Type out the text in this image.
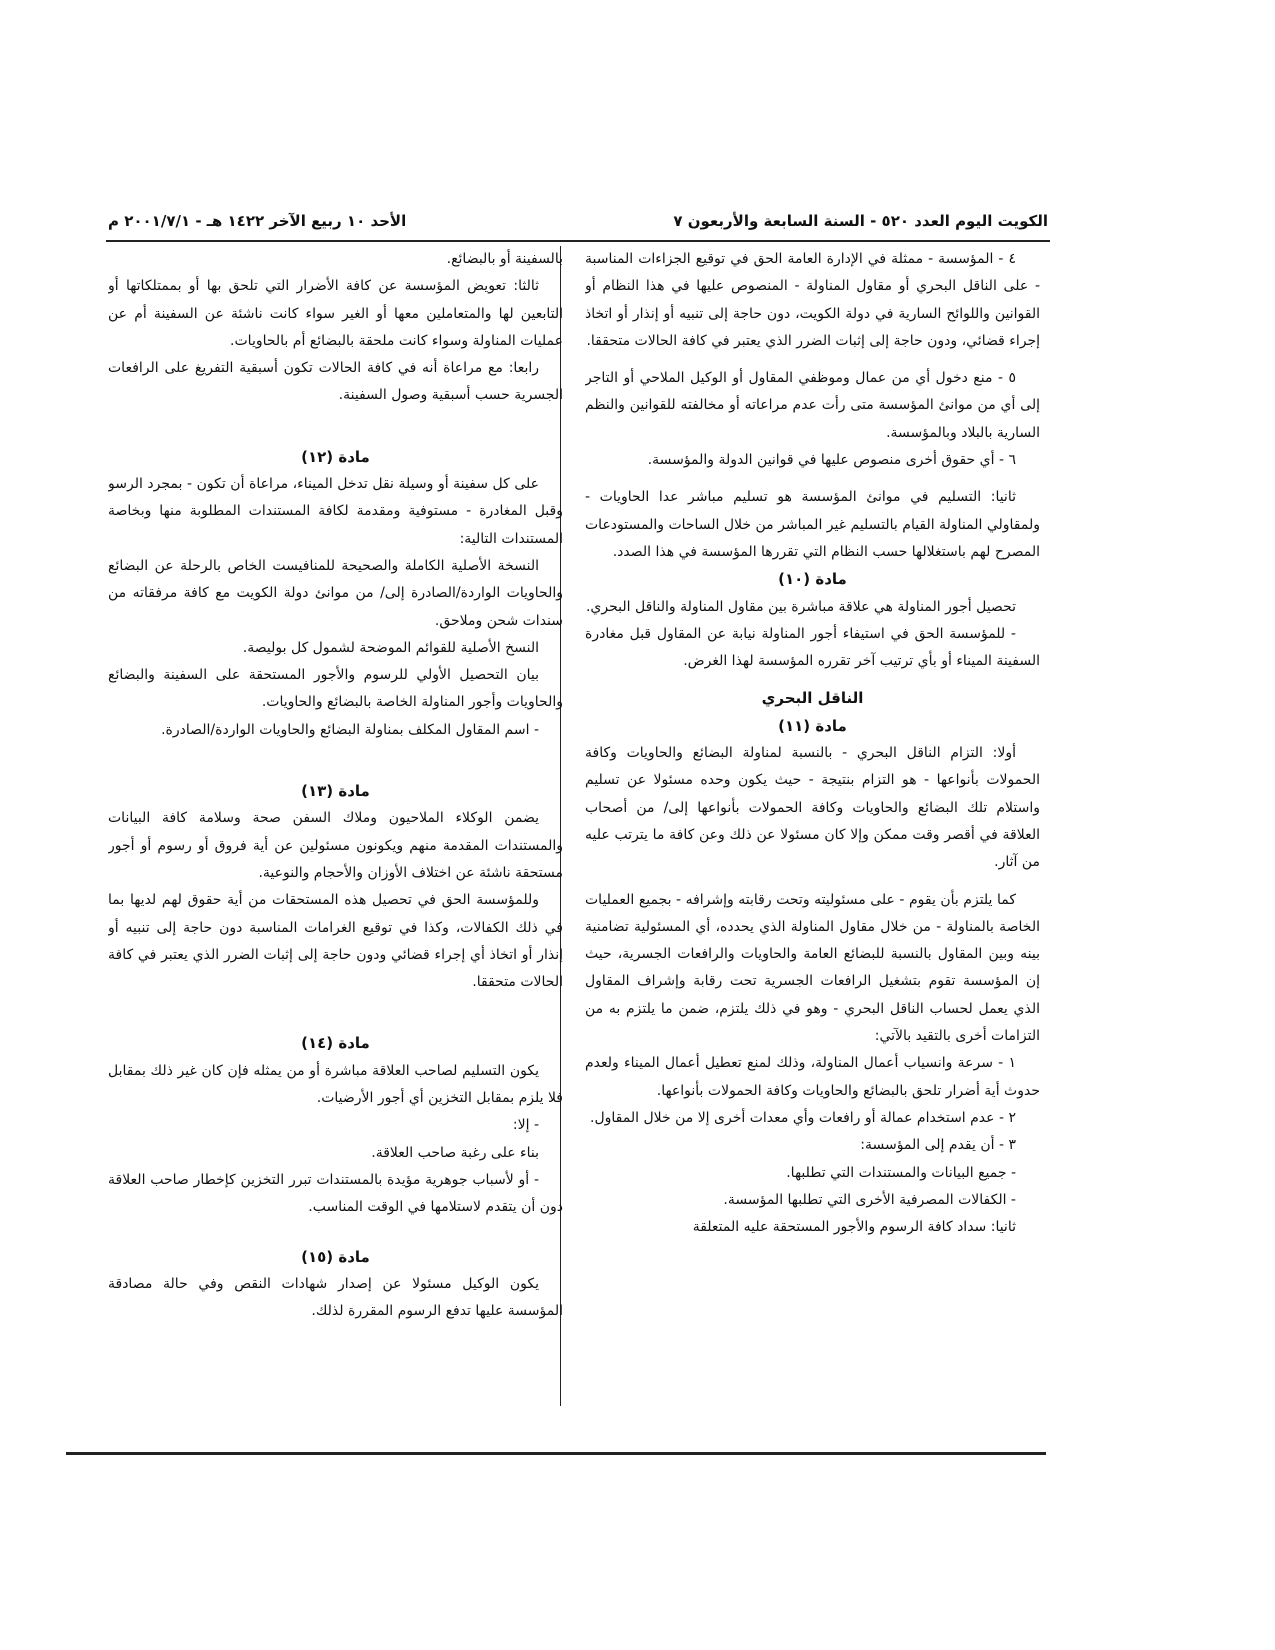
الكويت اليوم العدد ٥٢٠ - السنة السابعة والأربعون ٧
الأحد ١٠ ربيع الآخر ١٤٢٢ هـ - ٢٠٠١/٧/١ م

٤ - المؤسسة - ممثلة في الإدارة العامة الحق في توقيع الجزاءات المناسبة - على الناقل البحري أو مقاول المناولة - المنصوص عليها في هذا النظام أو القوانين واللوائح السارية في دولة الكويت، دون حاجة إلى تنبيه أو إنذار أو اتخاذ إجراء قضائي، ودون حاجة إلى إثبات الضرر الذي يعتبر في كافة الحالات متحققا.

٥ - منع دخول أي من عمال وموظفي المقاول أو الوكيل الملاحي أو التاجر إلى أي من موانئ المؤسسة متى رأت عدم مراعاته أو مخالفته للقوانين والنظم السارية بالبلاد وبالمؤسسة.

٦ - أي حقوق أخرى منصوص عليها في قوانين الدولة والمؤسسة.

ثانيا: التسليم في موانئ المؤسسة هو تسليم مباشر عدا الحاويات - ولمقاولي المناولة القيام بالتسليم غير المباشر من خلال الساحات والمستودعات المصرح لهم باستغلالها حسب النظام التي تقررها المؤسسة في هذا الصدد.

مادة (١٠)

تحصيل أجور المناولة هي علاقة مباشرة بين مقاول المناولة والناقل البحري.

- للمؤسسة الحق في استيفاء أجور المناولة نيابة عن المقاول قبل مغادرة السفينة الميناء أو بأي ترتيب آخر تقرره المؤسسة لهذا الغرض.

الناقل البحري
مادة (١١)

أولا: التزام الناقل البحري - بالنسبة لمناولة البضائع والحاويات وكافة الحمولات بأنواعها - هو التزام بنتيجة - حيث يكون وحده مسئولا عن تسليم واستلام تلك البضائع والحاويات وكافة الحمولات بأنواعها إلى/ من أصحاب العلاقة في أقصر وقت ممكن وإلا كان مسئولا عن ذلك وعن كافة ما يترتب عليه من آثار.

كما يلتزم بأن يقوم - على مسئوليته وتحت رقابته وإشرافه - بجميع العمليات الخاصة بالمناولة - من خلال مقاول المناولة الذي يحدده، أي المسئولية تضامنية بينه وبين المقاول بالنسبة للبضائع العامة والحاويات والرافعات الجسرية، حيث إن المؤسسة تقوم بتشغيل الرافعات الجسرية تحت رقابة وإشراف المقاول الذي يعمل لحساب الناقل البحري - وهو في ذلك يلتزم، ضمن ما يلتزم به من التزامات أخرى بالتقيد بالآتي:

١ - سرعة وانسياب أعمال المناولة، وذلك لمنع تعطيل أعمال الميناء ولعدم حدوث أية أضرار تلحق بالبضائع والحاويات وكافة الحمولات بأنواعها.

٢ - عدم استخدام عمالة أو رافعات وأي معدات أخرى إلا من خلال المقاول.

٣ - أن يقدم إلى المؤسسة:

- جميع البيانات والمستندات التي تطلبها.

- الكفالات المصرفية الأخرى التي تطلبها المؤسسة.

ثانيا: سداد كافة الرسوم والأجور المستحقة عليه المتعلقة

بالسفينة أو بالبضائع.

ثالثا: تعويض المؤسسة عن كافة الأضرار التي تلحق بها أو بممتلكاتها أو التابعين لها والمتعاملين معها أو الغير سواء كانت ناشئة عن السفينة أم عن عمليات المناولة وسواء كانت ملحقة بالبضائع أم بالحاويات.

رابعا: مع مراعاة أنه في كافة الحالات تكون أسبقية التفريغ على الرافعات الجسرية حسب أسبقية وصول السفينة.

مادة (١٢)

على كل سفينة أو وسيلة نقل تدخل الميناء، مراعاة أن تكون - بمجرد الرسو وقبل المغادرة - مستوفية ومقدمة لكافة المستندات المطلوبة منها وبخاصة المستندات التالية:

النسخة الأصلية الكاملة والصحيحة للمنافيست الخاص بالرحلة عن البضائع والحاويات الواردة/الصادرة إلى/ من موانئ دولة الكويت مع كافة مرفقاته من سندات شحن وملاحق.

النسخ الأصلية للقوائم الموضحة لشمول كل بوليصة.

بيان التحصيل الأولي للرسوم والأجور المستحقة على السفينة والبضائع والحاويات وأجور المناولة الخاصة بالبضائع والحاويات.

- اسم المقاول المكلف بمناولة البضائع والحاويات الواردة/الصادرة.

مادة (١٣)

يضمن الوكلاء الملاحيون وملاك السفن صحة وسلامة كافة البيانات والمستندات المقدمة منهم ويكونون مسئولين عن أية فروق أو رسوم أو أجور مستحقة ناشئة عن اختلاف الأوزان والأحجام والنوعية.

وللمؤسسة الحق في تحصيل هذه المستحقات من أية حقوق لهم لديها بما في ذلك الكفالات، وكذا في توقيع الغرامات المناسبة دون حاجة إلى تنبيه أو إنذار أو اتخاذ أي إجراء قضائي ودون حاجة إلى إثبات الضرر الذي يعتبر في كافة الحالات متحققا.

مادة (١٤)

يكون التسليم لصاحب العلاقة مباشرة أو من يمثله فإن كان غير ذلك بمقابل فلا يلزم بمقابل التخزين أي أجور الأرضيات.

- إلا:

بناء على رغبة صاحب العلاقة.

- أو لأسباب جوهرية مؤيدة بالمستندات تبرر التخزين كإخطار صاحب العلاقة دون أن يتقدم لاستلامها في الوقت المناسب.

مادة (١٥)

يكون الوكيل مسئولا عن إصدار شهادات النقص وفي حالة مصادقة المؤسسة عليها تدفع الرسوم المقررة لذلك.
